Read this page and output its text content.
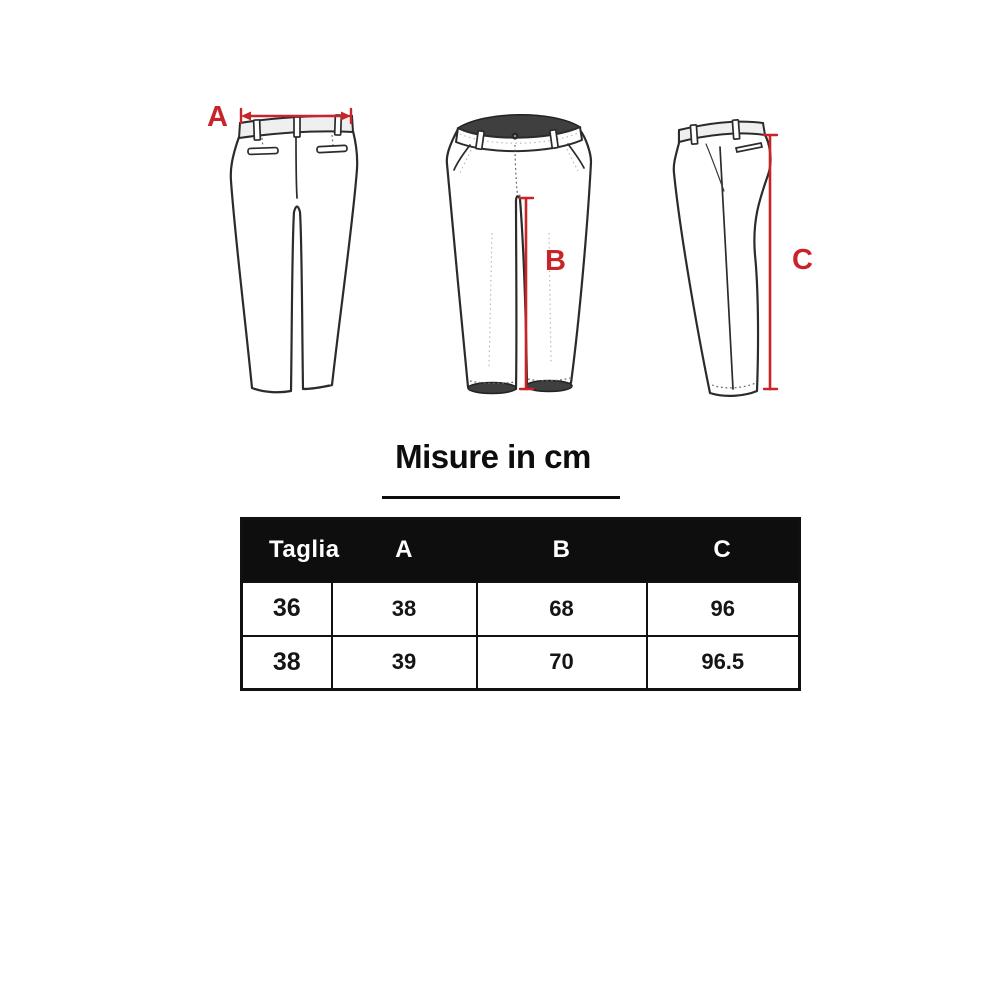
A
B	C
Misure in cm
Taglia	A	B	C
36	38	68	96
38	39	70	96.5
